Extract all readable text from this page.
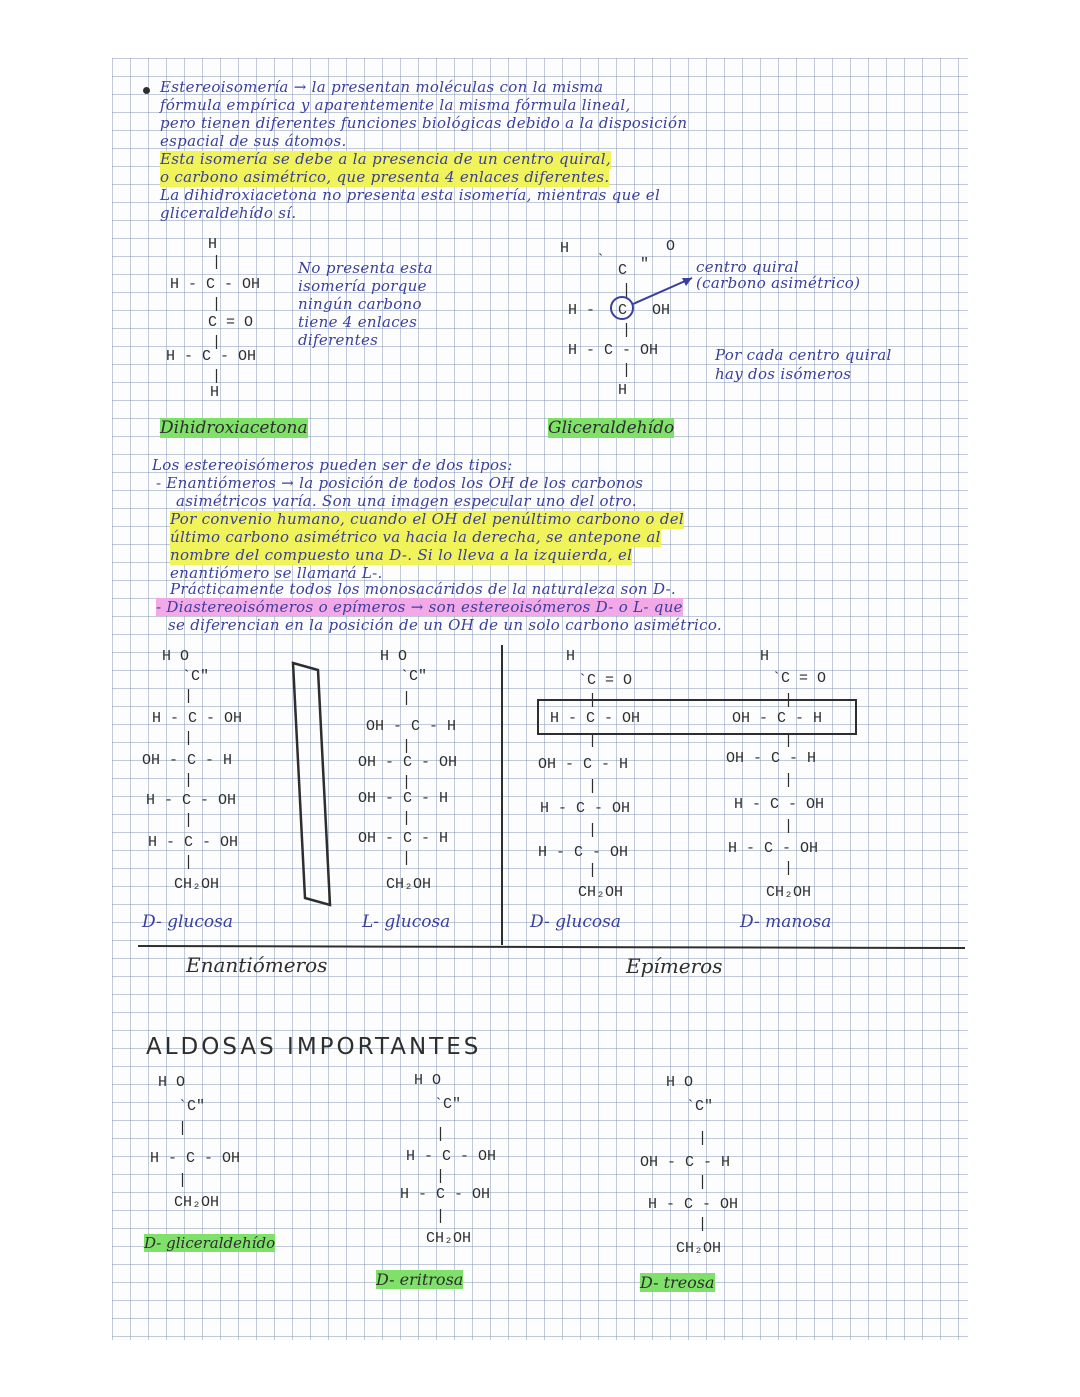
Estereoisomería → la presentan moléculas con la misma
fórmula empírica y aparentemente la misma fórmula lineal,
pero tienen diferentes funciones biológicas debido a la disposición
espacial de sus átomos.
Esta isomería se debe a la presencia de un centro quiral,
o carbono asimétrico, que presenta 4 enlaces diferentes.
La dihidroxiacetona no presenta esta isomería, mientras que el
gliceraldehído sí.
H
|
H - C - OH
|
C = O
|
H - C - OH
|
H
No presenta esta
isomería porque
ningún carbono
tiene 4 enlaces
diferentes
Dihidroxiacetona
H	O
`
C ″
|
H - C OH
|
H - C - OH
|
H
centro quiral
(carbono asimétrico)
Por cada centro quiral
hay dos isómeros
Gliceraldehído
Los estereoisómeros pueden ser de dos tipos:
- Enantiómeros → la posición de todos los OH de los carbonos
asimétricos varía. Son una imagen especular uno del otro.
Por convenio humano, cuando el OH del penúltimo carbono o del
último carbono asimétrico va hacia la derecha, se antepone al
nombre del compuesto una D-. Si lo lleva a la izquierda, el
enantiómero se llamará L-.
Prácticamente todos los monosacáridos de la naturaleza son D-.
- Diastereoisómeros o epímeros → son estereoisómeros D- o L- que
se diferencian en la posición de un OH de un solo carbono asimétrico.
H O
`C″
|
H - C - OH
|
OH - C - H
|
H - C - OH
|
H - C - OH
|
CH₂OH
D- glucosa
H O
`C″
|
OH - C - H
|
OH - C - OH
|
OH - C - H
|
OH - C - H
|
CH₂OH
L- glucosa
Enantiómeros
H
`C = O
|
H - C - OH
|
OH - C - H
|
H - C - OH
|
H - C - OH
|
CH₂OH
D- glucosa
H
`C = O
|
OH - C - H
|
OH - C - H
|
H - C - OH
|
H - C - OH
|
CH₂OH
D- manosa
Epímeros
ALDOSAS IMPORTANTES
H O
`C″
|
H - C - OH
|
CH₂OH
D- gliceraldehído
H O
`C″
|
H - C - OH
|
H - C - OH
|
CH₂OH
D- eritrosa
H O
`C″
|
OH - C - H
|
H - C - OH
|
CH₂OH
D- treosa
